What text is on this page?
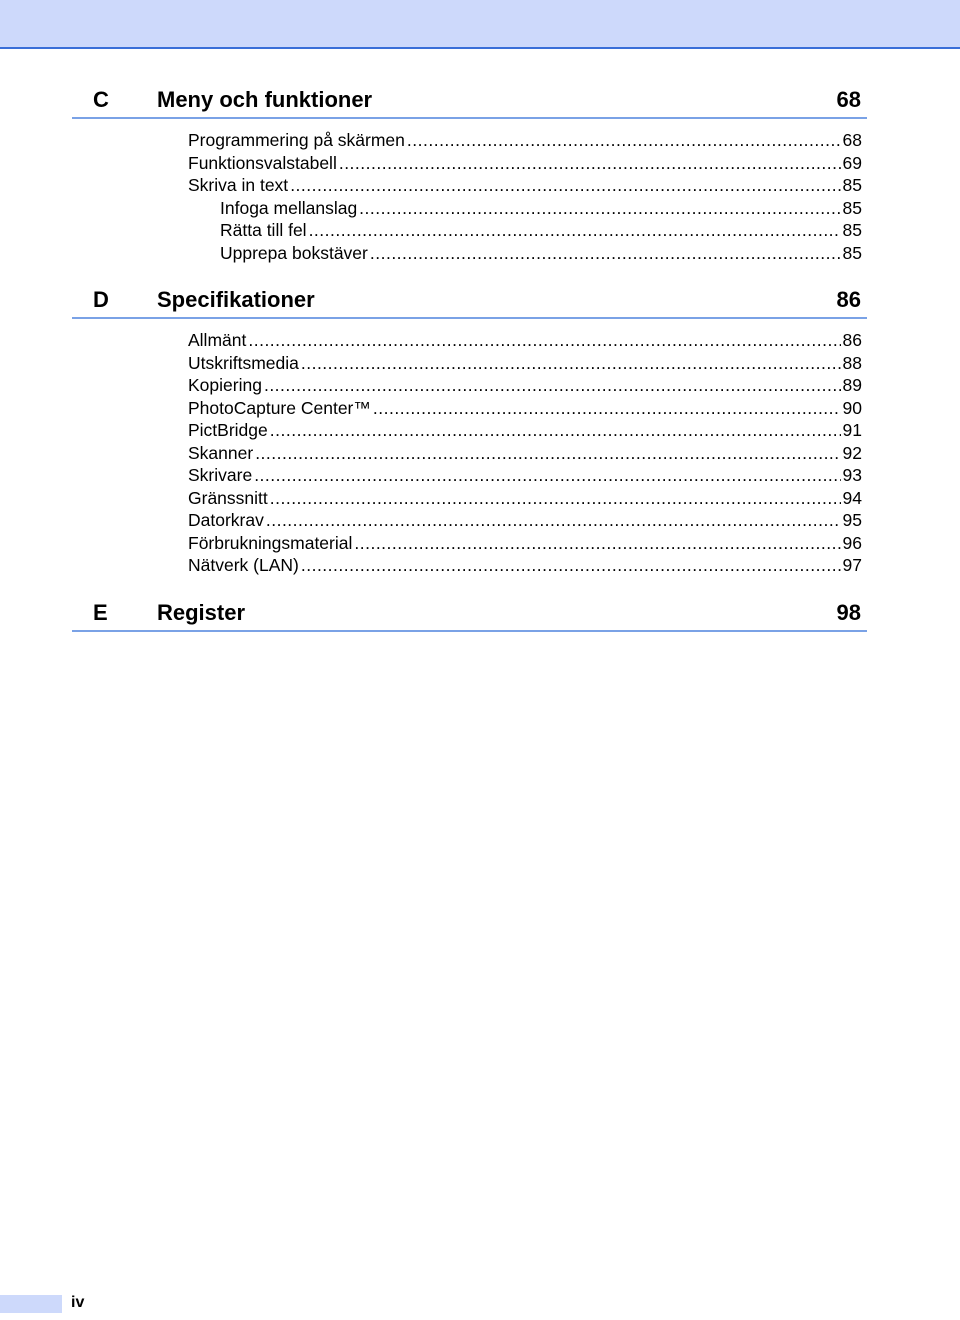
C Meny och funktioner	68
Programmering på skärmen .....	68
Funktionsvalstabell .....	69
Skriva in text .....	85
Infoga mellanslag .....	85
Rätta till fel .....	85
Upprepa bokstäver .....	85
D Specifikationer	86
Allmänt .....	86
Utskriftsmedia .....	88
Kopiering .....	89
PhotoCapture Center™ .....	90
PictBridge .....	91
Skanner .....	92
Skrivare .....	93
Gränssnitt .....	94
Datorkrav .....	95
Förbrukningsmaterial .....	96
Nätverk (LAN) .....	97
E Register	98
iv
